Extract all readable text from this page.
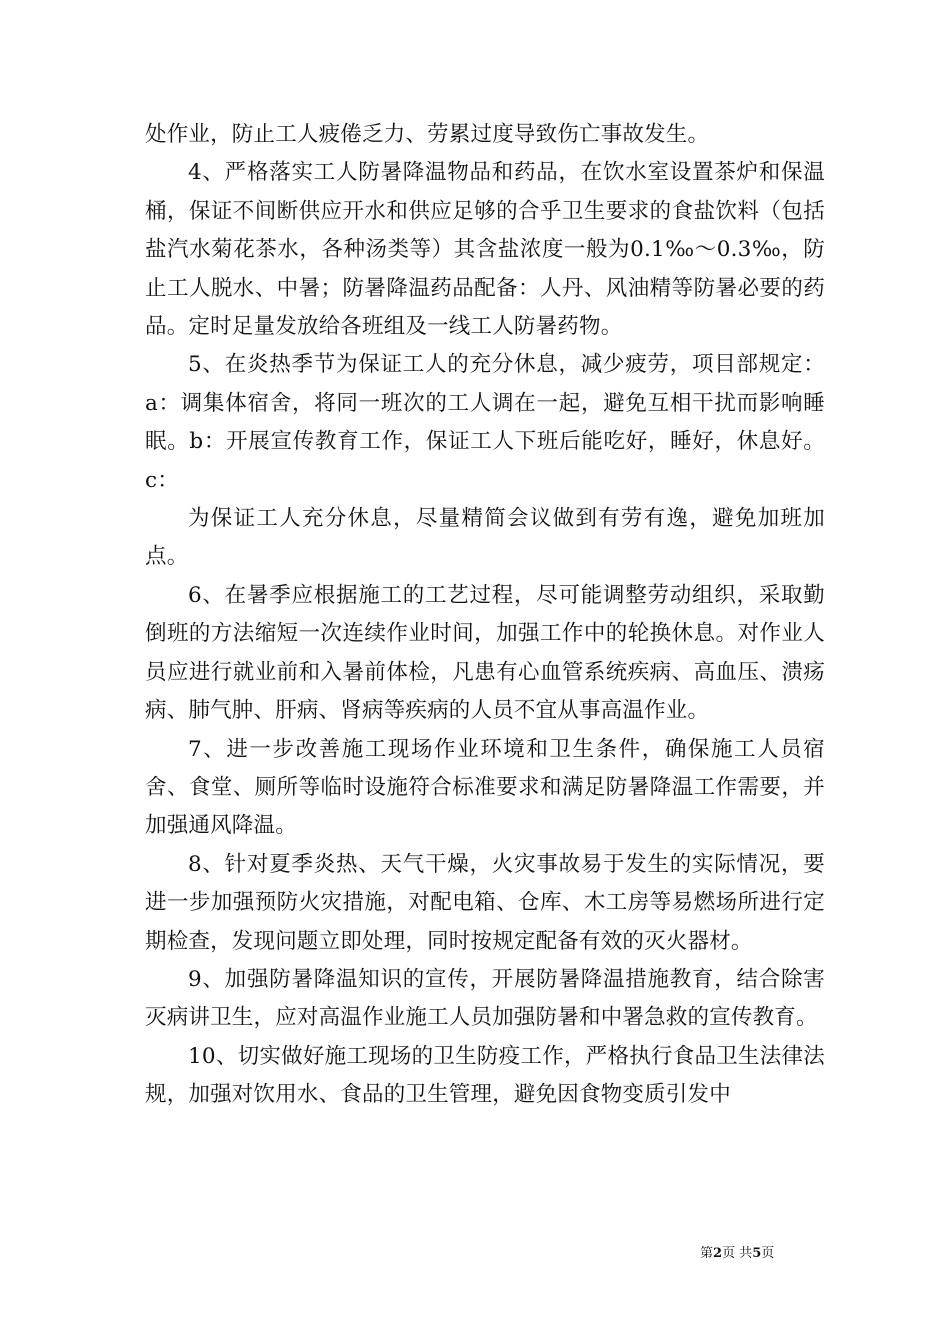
处作业，防止工人疲倦乏力、劳累过度导致伤亡事故发生。

4、严格落实工人防暑降温物品和药品，在饮水室设置茶炉和保温桶，保证不间断供应开水和供应足够的合乎卫生要求的食盐饮料（包括盐汽水菊花茶水，各种汤类等）其含盐浓度一般为0.1‰～0.3‰，防止工人脱水、中暑；防暑降温药品配备：人丹、风油精等防暑必要的药品。定时足量发放给各班组及一线工人防暑药物。

5、在炎热季节为保证工人的充分休息，减少疲劳，项目部规定：a：调集体宿舍，将同一班次的工人调在一起，避免互相干扰而影响睡眠。b：开展宣传教育工作，保证工人下班后能吃好，睡好，休息好。c：

为保证工人充分休息，尽量精简会议做到有劳有逸，避免加班加点。

6、在暑季应根据施工的工艺过程，尽可能调整劳动组织，采取勤倒班的方法缩短一次连续作业时间，加强工作中的轮换休息。对作业人员应进行就业前和入暑前体检，凡患有心血管系统疾病、高血压、溃疡病、肺气肿、肝病、肾病等疾病的人员不宜从事高温作业。

7、进一步改善施工现场作业环境和卫生条件，确保施工人员宿舍、食堂、厕所等临时设施符合标准要求和满足防暑降温工作需要，并加强通风降温。

8、针对夏季炎热、天气干燥，火灾事故易于发生的实际情况，要进一步加强预防火灾措施，对配电箱、仓库、木工房等易燃场所进行定期检查，发现问题立即处理，同时按规定配备有效的灭火器材。

9、加强防暑降温知识的宣传，开展防暑降温措施教育，结合除害灭病讲卫生，应对高温作业施工人员加强防暑和中署急救的宣传教育。

10、切实做好施工现场的卫生防疫工作，严格执行食品卫生法律法规，加强对饮用水、食品的卫生管理，避免因食物变质引发中

第2页 共5页
